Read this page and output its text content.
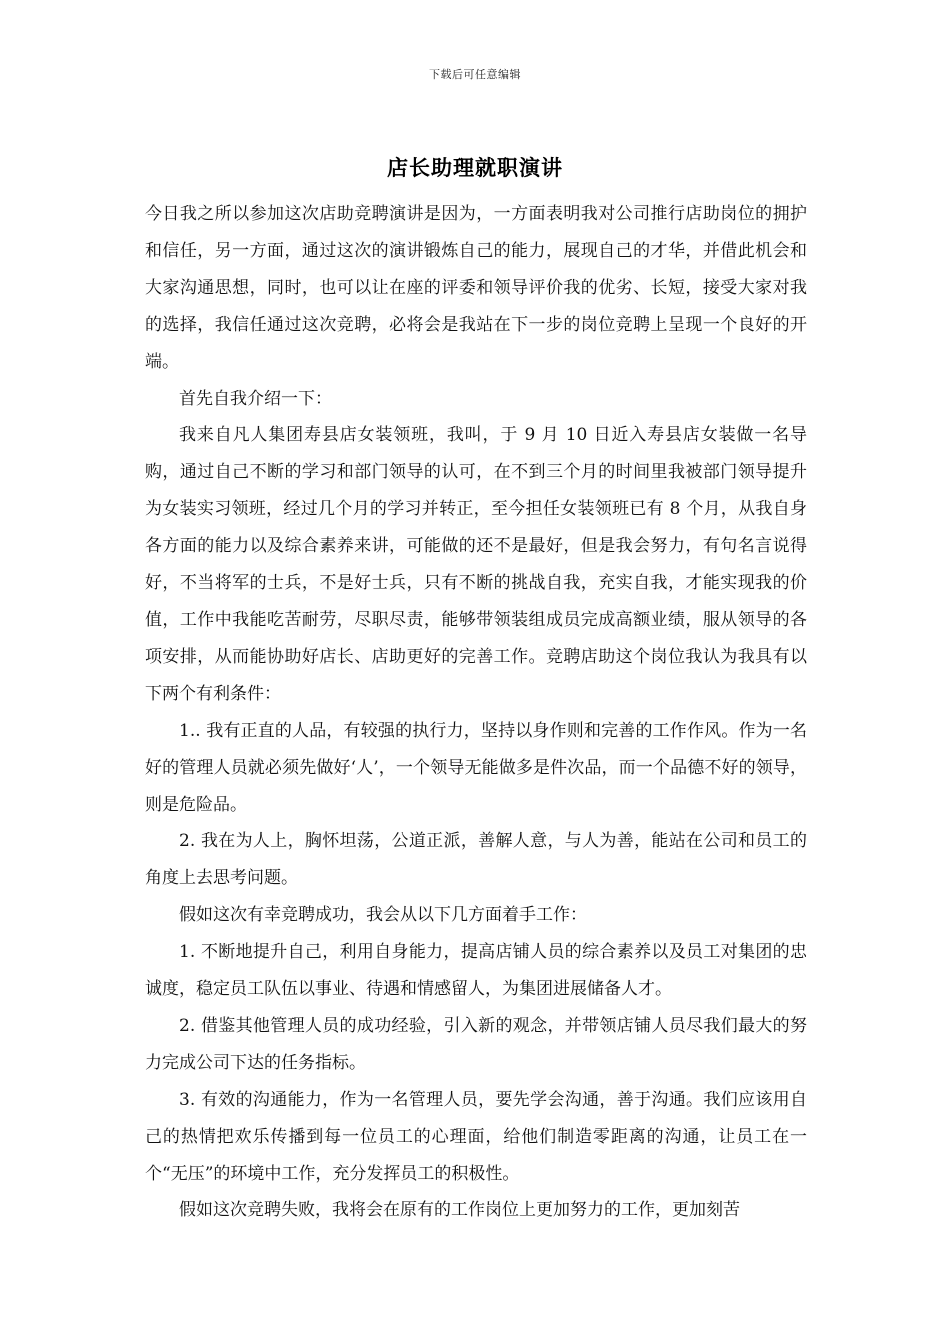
下载后可任意编辑
店长助理就职演讲

今日我之所以参加这次店助竞聘演讲是因为，一方面表明我对公司推行店助岗位的拥护和信任，另一方面，通过这次的演讲锻炼自己的能力，展现自己的才华，并借此机会和大家沟通思想，同时，也可以让在座的评委和领导评价我的优劣、长短，接受大家对我的选择，我信任通过这次竞聘，必将会是我站在下一步的岗位竞聘上呈现一个良好的开端。

首先自我介绍一下：

我来自凡人集团寿县店女装领班，我叫，于 9 月 10 日近入寿县店女装做一名导购，通过自己不断的学习和部门领导的认可，在不到三个月的时间里我被部门领导提升为女装实习领班，经过几个月的学习并转正，至今担任女装领班已有 8 个月，从我自身各方面的能力以及综合素养来讲，可能做的还不是最好，但是我会努力，有句名言说得好，不当将军的士兵，不是好士兵，只有不断的挑战自我，充实自我，才能实现我的价值，工作中我能吃苦耐劳，尽职尽责，能够带领装组成员完成高额业绩，服从领导的各项安排，从而能协助好店长、店助更好的完善工作。竞聘店助这个岗位我认为我具有以下两个有利条件：

1.. 我有正直的人品，有较强的执行力，坚持以身作则和完善的工作作风。作为一名好的管理人员就必须先做好‘人’，一个领导无能做多是件次品，而一个品德不好的领导，则是危险品。

2. 我在为人上，胸怀坦荡，公道正派，善解人意，与人为善，能站在公司和员工的角度上去思考问题。

假如这次有幸竞聘成功，我会从以下几方面着手工作：

1. 不断地提升自己，利用自身能力，提高店铺人员的综合素养以及员工对集团的忠诚度，稳定员工队伍以事业、待遇和情感留人，为集团进展储备人才。

2. 借鉴其他管理人员的成功经验，引入新的观念，并带领店铺人员尽我们最大的努力完成公司下达的任务指标。

3. 有效的沟通能力，作为一名管理人员，要先学会沟通，善于沟通。我们应该用自己的热情把欢乐传播到每一位员工的心理面，给他们制造零距离的沟通，让员工在一个“无压”的环境中工作，充分发挥员工的积极性。

假如这次竞聘失败，我将会在原有的工作岗位上更加努力的工作，更加刻苦
